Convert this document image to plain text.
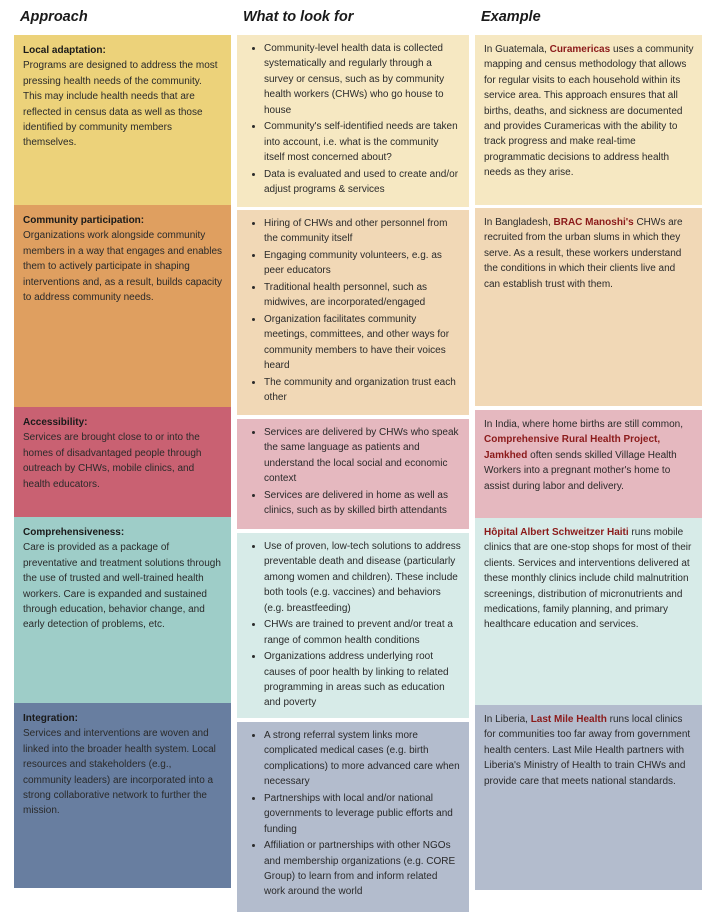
Approach	What to look for	Example
Local adaptation:
Programs are designed to address the most pressing health needs of the community. This may include health needs that are reflected in census data as well as those identified by community members themselves.
Community participation:
Organizations work alongside community members in a way that engages and enables them to actively participate in shaping interventions and, as a result, builds capacity to address community needs.
Accessibility:
Services are brought close to or into the homes of disadvantaged people through outreach by CHWs, mobile clinics, and health educators.
Comprehensiveness:
Care is provided as a package of preventative and treatment solutions through the use of trusted and well-trained health workers. Care is expanded and sustained through education, behavior change, and early detection of problems, etc.
Integration:
Services and interventions are woven and linked into the broader health system. Local resources and stakeholders (e.g., community leaders) are incorporated into a strong collaborative network to further the mission.
• Community-level health data is collected systematically and regularly through a survey or census, such as by community health workers (CHWs) who go house to house
• Community's self-identified needs are taken into account, i.e. what is the community itself most concerned about?
• Data is evaluated and used to create and/or adjust programs & services
• Hiring of CHWs and other personnel from the community itself
• Engaging community volunteers, e.g. as peer educators
• Traditional health personnel, such as midwives, are incorporated/engaged
• Organization facilitates community meetings, committees, and other ways for community members to have their voices heard
• The community and organization trust each other
• Services are delivered by CHWs who speak the same language as patients and understand the local social and economic context
• Services are delivered in home as well as clinics, such as by skilled birth attendants
• Use of proven, low-tech solutions to address preventable death and disease (particularly among women and children). These include both tools (e.g. vaccines) and behaviors (e.g. breastfeeding)
• CHWs are trained to prevent and/or treat a range of common health conditions
• Organizations address underlying root causes of poor health by linking to related programming in areas such as education and poverty
• A strong referral system links more complicated medical cases (e.g. birth complications) to more advanced care when necessary
• Partnerships with local and/or national governments to leverage public efforts and funding
• Affiliation or partnerships with other NGOs and membership organizations (e.g. CORE Group) to learn from and inform related work around the world
In Guatemala, Curamericas uses a community mapping and census methodology that allows for regular visits to each household within its service area. This approach ensures that all births, deaths, and sickness are documented and provides Curamericas with the ability to track progress and make real-time programmatic decisions to address health needs as they arise.
In Bangladesh, BRAC Manoshi's CHWs are recruited from the urban slums in which they serve. As a result, these workers understand the conditions in which their clients live and can establish trust with them.
In India, where home births are still common, Comprehensive Rural Health Project, Jamkhed often sends skilled Village Health Workers into a pregnant mother's home to assist during labor and delivery.
Hôpital Albert Schweitzer Haiti runs mobile clinics that are one-stop shops for most of their clients. Services and interventions delivered at these monthly clinics include child malnutrition screenings, distribution of micronutrients and medications, family planning, and primary healthcare education and services.
In Liberia, Last Mile Health runs local clinics for communities too far away from government health centers. Last Mile Health partners with Liberia's Ministry of Health to train CHWs and provide care that meets national standards.
